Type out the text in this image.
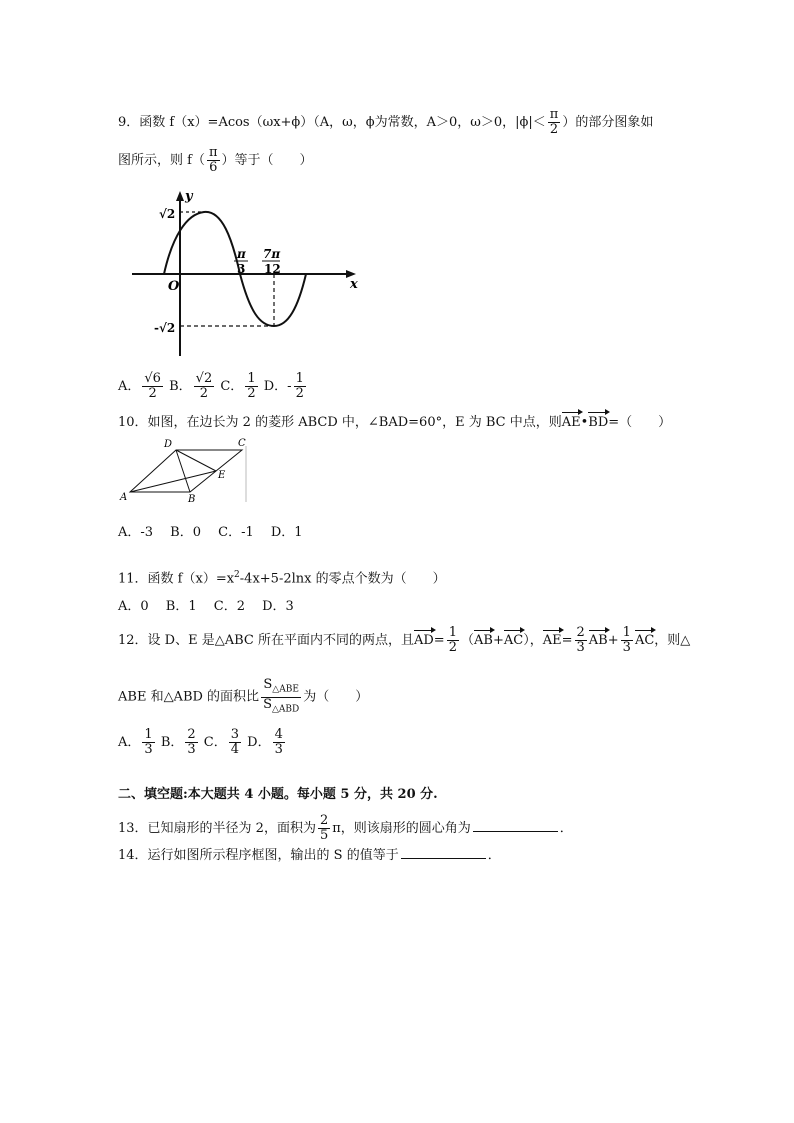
9．函数 f（x）=Acos（ωx+ϕ）（A，ω，ϕ为常数，A＞0，ω＞0，$|\phi|< \frac{\pi}{2}$ ）的部分图象如
图所示，则 $f( \frac{\pi}{6}$ ）等于（　　）
y
x
O
√2
-√2
π
3
7π
12
A． $\frac{√6}{2}$ B． $\frac{√2}{2}$ C． $\frac{1}{2}$ D．- $\frac{1}{2}$
10．如图，在边长为 2 的菱形 ABCD 中，∠BAD=60°，E 为 BC 中点，则AE•BD=（　　）
A	B
C
D
E
A．-3　 B．0　 C．-1　 D．1
11．函数 $f(x)=x^2-4x+5-2\ln x$ 的零点个数为（　　）
A．0　 B．1　 C．2　 D．3
12．设 D、E 是△ABC 所在平面内不同的两点，且$AD= \frac{1}{2} (AB+AC)$，$AE= \frac{2}{3} AB+ \frac{1}{3}$ AC，则△
ABE 和△ABD 的面积比 $\frac{S_{\triangle ABE}}{S_{\triangle ABD}}$ 为（　　）
A． $\frac{1}{3}$ B． $\frac{2}{3}$ C． $\frac{3}{4}$ D． $\frac{4}{3}$
二、填空题:本大题共 4 小题。每小题 5 分，共 20 分.
13．已知扇形的半径为 2，面积为 $\frac{2}{5}$ π，则该扇形的圆心角为	．
14．运行如图所示程序框图，输出的 S 的值等于	．
